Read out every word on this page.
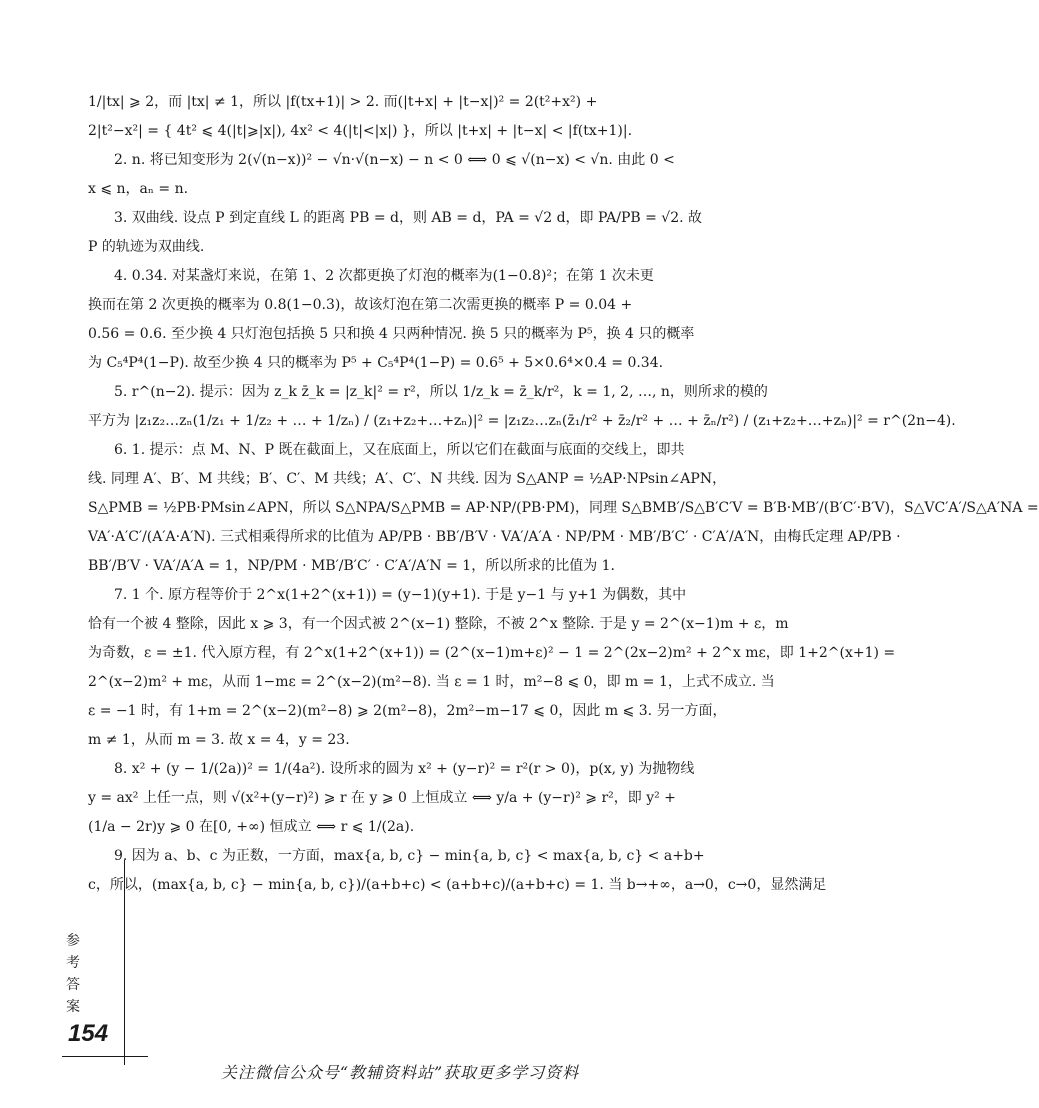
1/|tx| ⩾ 2，而 |tx| ≠ 1，所以 |f(tx+1)| > 2. 而(|t+x| + |t−x|)² = 2(t²+x²) +
2|t²−x²| = { 4t² ⩽ 4(|t|⩾|x|), 4x² < 4(|t|<|x|) }，所以 |t+x| + |t−x| < |f(tx+1)|.
2. n. 将已知变形为 2(√(n−x))² − √n·√(n−x) − n < 0 ⟺ 0 ⩽ √(n−x) < √n. 由此 0 <
x ⩽ n，aₙ = n.
3. 双曲线. 设点 P 到定直线 L 的距离 PB = d，则 AB = d，PA = √2 d，即 PA/PB = √2. 故
P 的轨迹为双曲线.
4. 0.34. 对某盏灯来说，在第 1、2 次都更换了灯泡的概率为(1−0.8)²；在第 1 次未更
换而在第 2 次更换的概率为 0.8(1−0.3)，故该灯泡在第二次需更换的概率 P = 0.04 +
0.56 = 0.6. 至少换 4 只灯泡包括换 5 只和换 4 只两种情况. 换 5 只的概率为 P⁵，换 4 只的概率
为 C₅⁴P⁴(1−P). 故至少换 4 只的概率为 P⁵ + C₅⁴P⁴(1−P) = 0.6⁵ + 5×0.6⁴×0.4 = 0.34.
5. r^(n−2). 提示：因为 z_k z̄_k = |z_k|² = r²，所以 1/z_k = z̄_k/r²，k = 1, 2, …, n，则所求的模的
平方为 |z₁z₂…zₙ(1/z₁ + 1/z₂ + … + 1/zₙ) / (z₁+z₂+…+zₙ)|² = |z₁z₂…zₙ(z̄₁/r² + z̄₂/r² + … + z̄ₙ/r²) / (z₁+z₂+…+zₙ)|² = r^(2n−4).
6. 1. 提示：点 M、N、P 既在截面上，又在底面上，所以它们在截面与底面的交线上，即共
线. 同理 A′、B′、M 共线；B′、C′、M 共线；A′、C′、N 共线. 因为 S△ANP = ½AP·NPsin∠APN，
S△PMB = ½PB·PMsin∠APN，所以 S△NPA/S△PMB = AP·NP/(PB·PM)，同理 S△BMB′/S△B′C′V = B′B·MB′/(B′C′·B′V)，S△VC′A′/S△A′NA =
VA′·A′C′/(A′A·A′N). 三式相乘得所求的比值为 AP/PB · BB′/B′V · VA′/A′A · NP/PM · MB′/B′C′ · C′A′/A′N，由梅氏定理 AP/PB ·
BB′/B′V · VA′/A′A = 1，NP/PM · MB′/B′C′ · C′A′/A′N = 1，所以所求的比值为 1.
7. 1 个. 原方程等价于 2^x(1+2^(x+1)) = (y−1)(y+1). 于是 y−1 与 y+1 为偶数，其中
恰有一个被 4 整除，因此 x ⩾ 3，有一个因式被 2^(x−1) 整除，不被 2^x 整除. 于是 y = 2^(x−1)m + ε，m
为奇数，ε = ±1. 代入原方程，有 2^x(1+2^(x+1)) = (2^(x−1)m+ε)² − 1 = 2^(2x−2)m² + 2^x mε，即 1+2^(x+1) =
2^(x−2)m² + mε，从而 1−mε = 2^(x−2)(m²−8). 当 ε = 1 时，m²−8 ⩽ 0，即 m = 1，上式不成立. 当
ε = −1 时，有 1+m = 2^(x−2)(m²−8) ⩾ 2(m²−8)，2m²−m−17 ⩽ 0，因此 m ⩽ 3. 另一方面，
m ≠ 1，从而 m = 3. 故 x = 4，y = 23.
8. x² + (y − 1/(2a))² = 1/(4a²). 设所求的圆为 x² + (y−r)² = r²(r > 0)，p(x, y) 为抛物线
y = ax² 上任一点，则 √(x²+(y−r)²) ⩾ r 在 y ⩾ 0 上恒成立 ⟺ y/a + (y−r)² ⩾ r²，即 y² +
(1/a − 2r)y ⩾ 0 在[0, +∞) 恒成立 ⟺ r ⩽ 1/(2a).
9. 因为 a、b、c 为正数，一方面，max{a, b, c} − min{a, b, c} < max{a, b, c} < a+b+
c，所以，(max{a, b, c} − min{a, b, c})/(a+b+c) < (a+b+c)/(a+b+c) = 1. 当 b→+∞，a→0，c→0，显然满足
参
考
答
案
154
关注微信公众号“教辅资料站”获取更多学习资料
